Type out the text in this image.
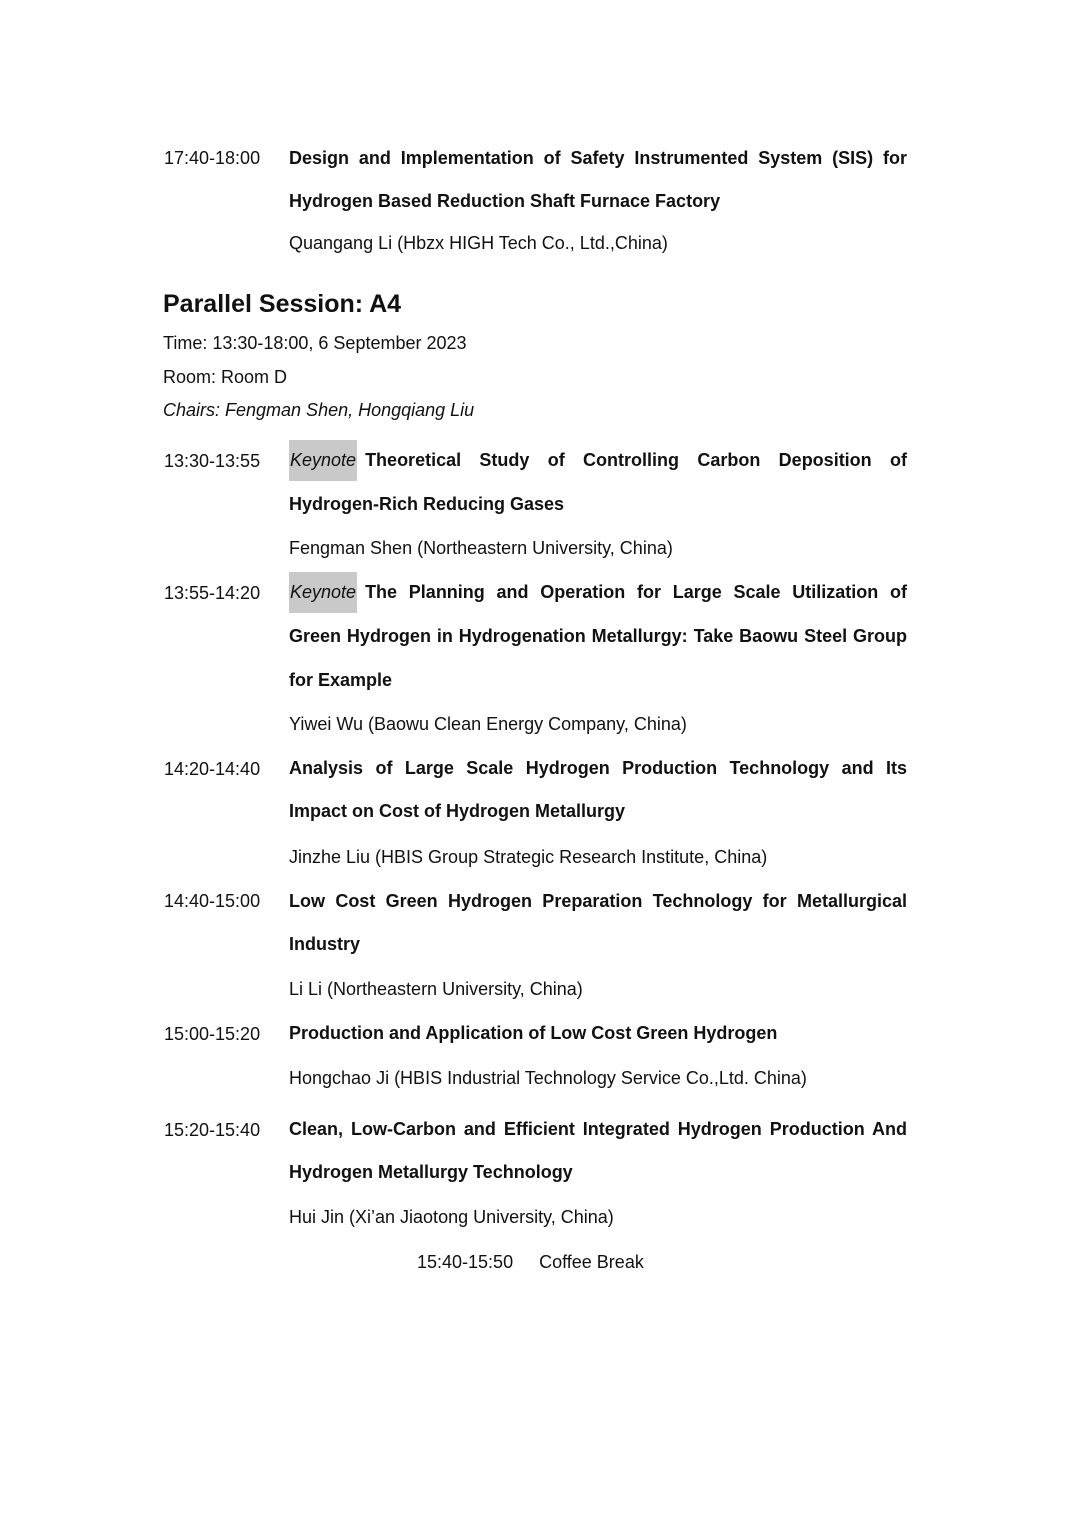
17:40-18:00 Design and Implementation of Safety Instrumented System (SIS) for Hydrogen Based Reduction Shaft Furnace Factory
Quangang Li (Hbzx HIGH Tech Co., Ltd.,China)
Parallel Session: A4
Time: 13:30-18:00, 6 September 2023
Room: Room D
Chairs: Fengman Shen, Hongqiang Liu
13:30-13:55 Keynote Theoretical Study of Controlling Carbon Deposition of Hydrogen-Rich Reducing Gases
Fengman Shen (Northeastern University, China)
13:55-14:20 Keynote The Planning and Operation for Large Scale Utilization of Green Hydrogen in Hydrogenation Metallurgy: Take Baowu Steel Group for Example
Yiwei Wu (Baowu Clean Energy Company, China)
14:20-14:40 Analysis of Large Scale Hydrogen Production Technology and Its Impact on Cost of Hydrogen Metallurgy
Jinzhe Liu (HBIS Group Strategic Research Institute, China)
14:40-15:00 Low Cost Green Hydrogen Preparation Technology for Metallurgical Industry
Li Li (Northeastern University, China)
15:00-15:20 Production and Application of Low Cost Green Hydrogen
Hongchao Ji (HBIS Industrial Technology Service Co.,Ltd. China)
15:20-15:40 Clean, Low-Carbon and Efficient Integrated Hydrogen Production And Hydrogen Metallurgy Technology
Hui Jin (Xi’an Jiaotong University, China)
15:40-15:50 Coffee Break
